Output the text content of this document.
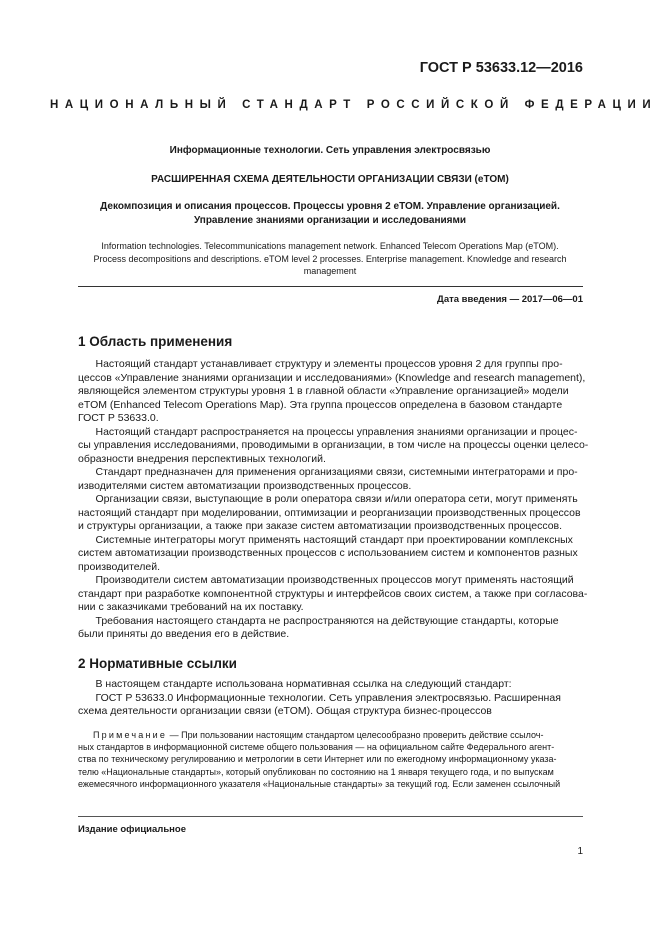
ГОСТ Р 53633.12—2016
НАЦИОНАЛЬНЫЙ СТАНДАРТ РОССИЙСКОЙ ФЕДЕРАЦИИ
Информационные технологии. Сеть управления электросвязью
РАСШИРЕННАЯ СХЕМА ДЕЯТЕЛЬНОСТИ ОРГАНИЗАЦИИ СВЯЗИ (eTOM)
Декомпозиция и описания процессов. Процессы уровня 2 eTOM. Управление организацией.
Управление знаниями организации и исследованиями
Information technologies. Telecommunications management network. Enhanced Telecom Operations Map (eTOM).
Process decompositions and descriptions. eTOM level 2 processes. Enterprise management. Knowledge and research
management
Дата введения — 2017—06—01
1 Область применения
Настоящий стандарт устанавливает структуру и элементы процессов уровня 2 для группы про-
цессов «Управление знаниями организации и исследованиями» (Knowledge and research management),
являющейся элементом структуры уровня 1 в главной области «Управление организацией» модели
eTOM (Enhanced Telecom Operations Map). Эта группа процессов определена в базовом стандарте
ГОСТ Р 53633.0.
Настоящий стандарт распространяется на процессы управления знаниями организации и процес-
сы управления исследованиями, проводимыми в организации, в том числе на процессы оценки целесо-
образности внедрения перспективных технологий.
Стандарт предназначен для применения организациями связи, системными интеграторами и про-
изводителями систем автоматизации производственных процессов.
Организации связи, выступающие в роли оператора связи и/или оператора сети, могут применять
настоящий стандарт при моделировании, оптимизации и реорганизации производственных процессов
и структуры организации, а также при заказе систем автоматизации производственных процессов.
Системные интеграторы могут применять настоящий стандарт при проектировании комплексных
систем автоматизации производственных процессов с использованием систем и компонентов разных
производителей.
Производители систем автоматизации производственных процессов могут применять настоящий
стандарт при разработке компонентной структуры и интерфейсов своих систем, а также при согласова-
нии с заказчиками требований на их поставку.
Требования настоящего стандарта не распространяются на действующие стандарты, которые
были приняты до введения его в действие.
2 Нормативные ссылки
В настоящем стандарте использована нормативная ссылка на следующий стандарт:
ГОСТ Р 53633.0 Информационные технологии. Сеть управления электросвязью. Расширенная
схема деятельности организации связи (eTOM). Общая структура бизнес-процессов
Примечание — При пользовании настоящим стандартом целесообразно проверить действие ссылоч-
ных стандартов в информационной системе общего пользования — на официальном сайте Федерального агент-
ства по техническому регулированию и метрологии в сети Интернет или по ежегодному информационному указа-
телю «Национальные стандарты», который опубликован по состоянию на 1 января текущего года, и по выпускам
ежемесячного информационного указателя «Национальные стандарты» за текущий год. Если заменен ссылочный
Издание официальное
1
